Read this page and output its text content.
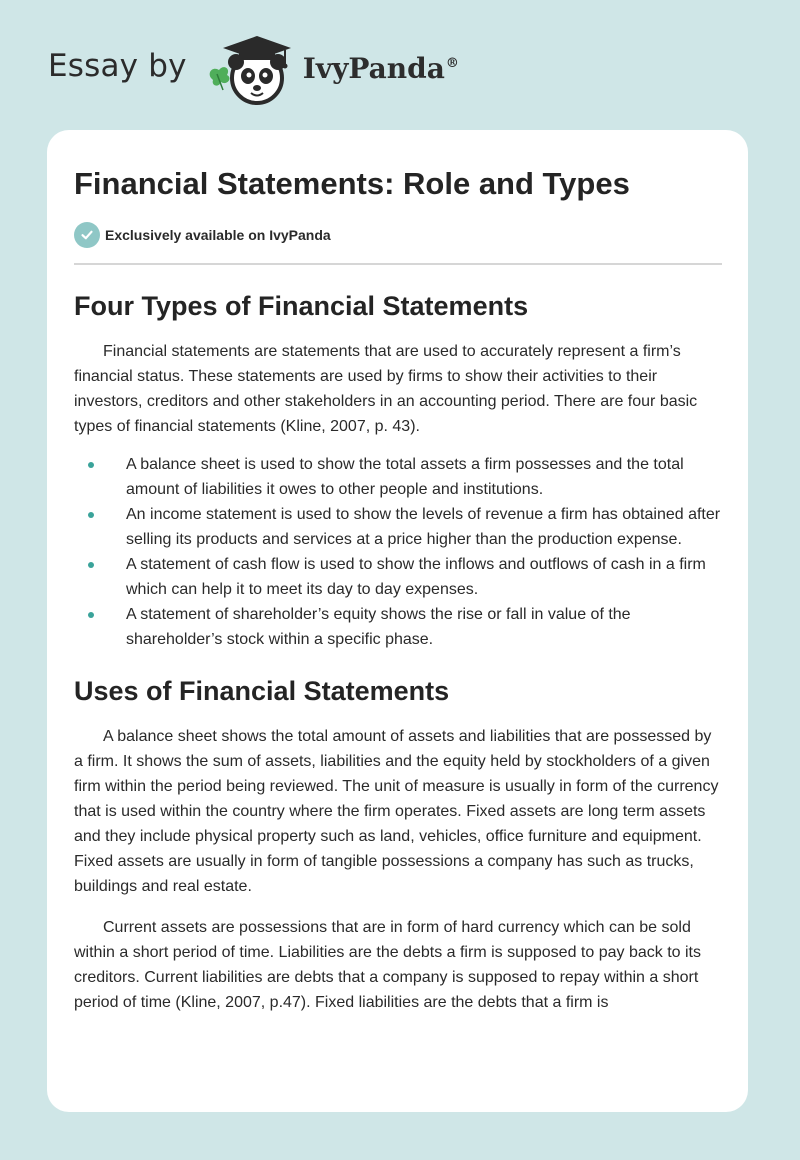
Essay by	IvyPanda®
Financial Statements: Role and Types
Exclusively available on IvyPanda
Four Types of Financial Statements

Financial statements are statements that are used to accurately represent a firm’s financial status. These statements are used by firms to show their activities to their investors, creditors and other stakeholders in an accounting period. There are four basic types of financial statements (Kline, 2007, p. 43).

A balance sheet is used to show the total assets a firm possesses and the total amount of liabilities it owes to other people and institutions.
An income statement is used to show the levels of revenue a firm has obtained after selling its products and services at a price higher than the production expense.
A statement of cash flow is used to show the inflows and outflows of cash in a firm which can help it to meet its day to day expenses.
A statement of shareholder’s equity shows the rise or fall in value of the shareholder’s stock within a specific phase.
Uses of Financial Statements

A balance sheet shows the total amount of assets and liabilities that are possessed by a firm. It shows the sum of assets, liabilities and the equity held by stockholders of a given firm within the period being reviewed. The unit of measure is usually in form of the currency that is used within the country where the firm operates. Fixed assets are long term assets and they include physical property such as land, vehicles, office furniture and equipment. Fixed assets are usually in form of tangible possessions a company has such as trucks, buildings and real estate.

Current assets are possessions that are in form of hard currency which can be sold within a short period of time. Liabilities are the debts a firm is supposed to pay back to its creditors. Current liabilities are debts that a company is supposed to repay within a short period of time (Kline, 2007, p.47). Fixed liabilities are the debts that a firm is
